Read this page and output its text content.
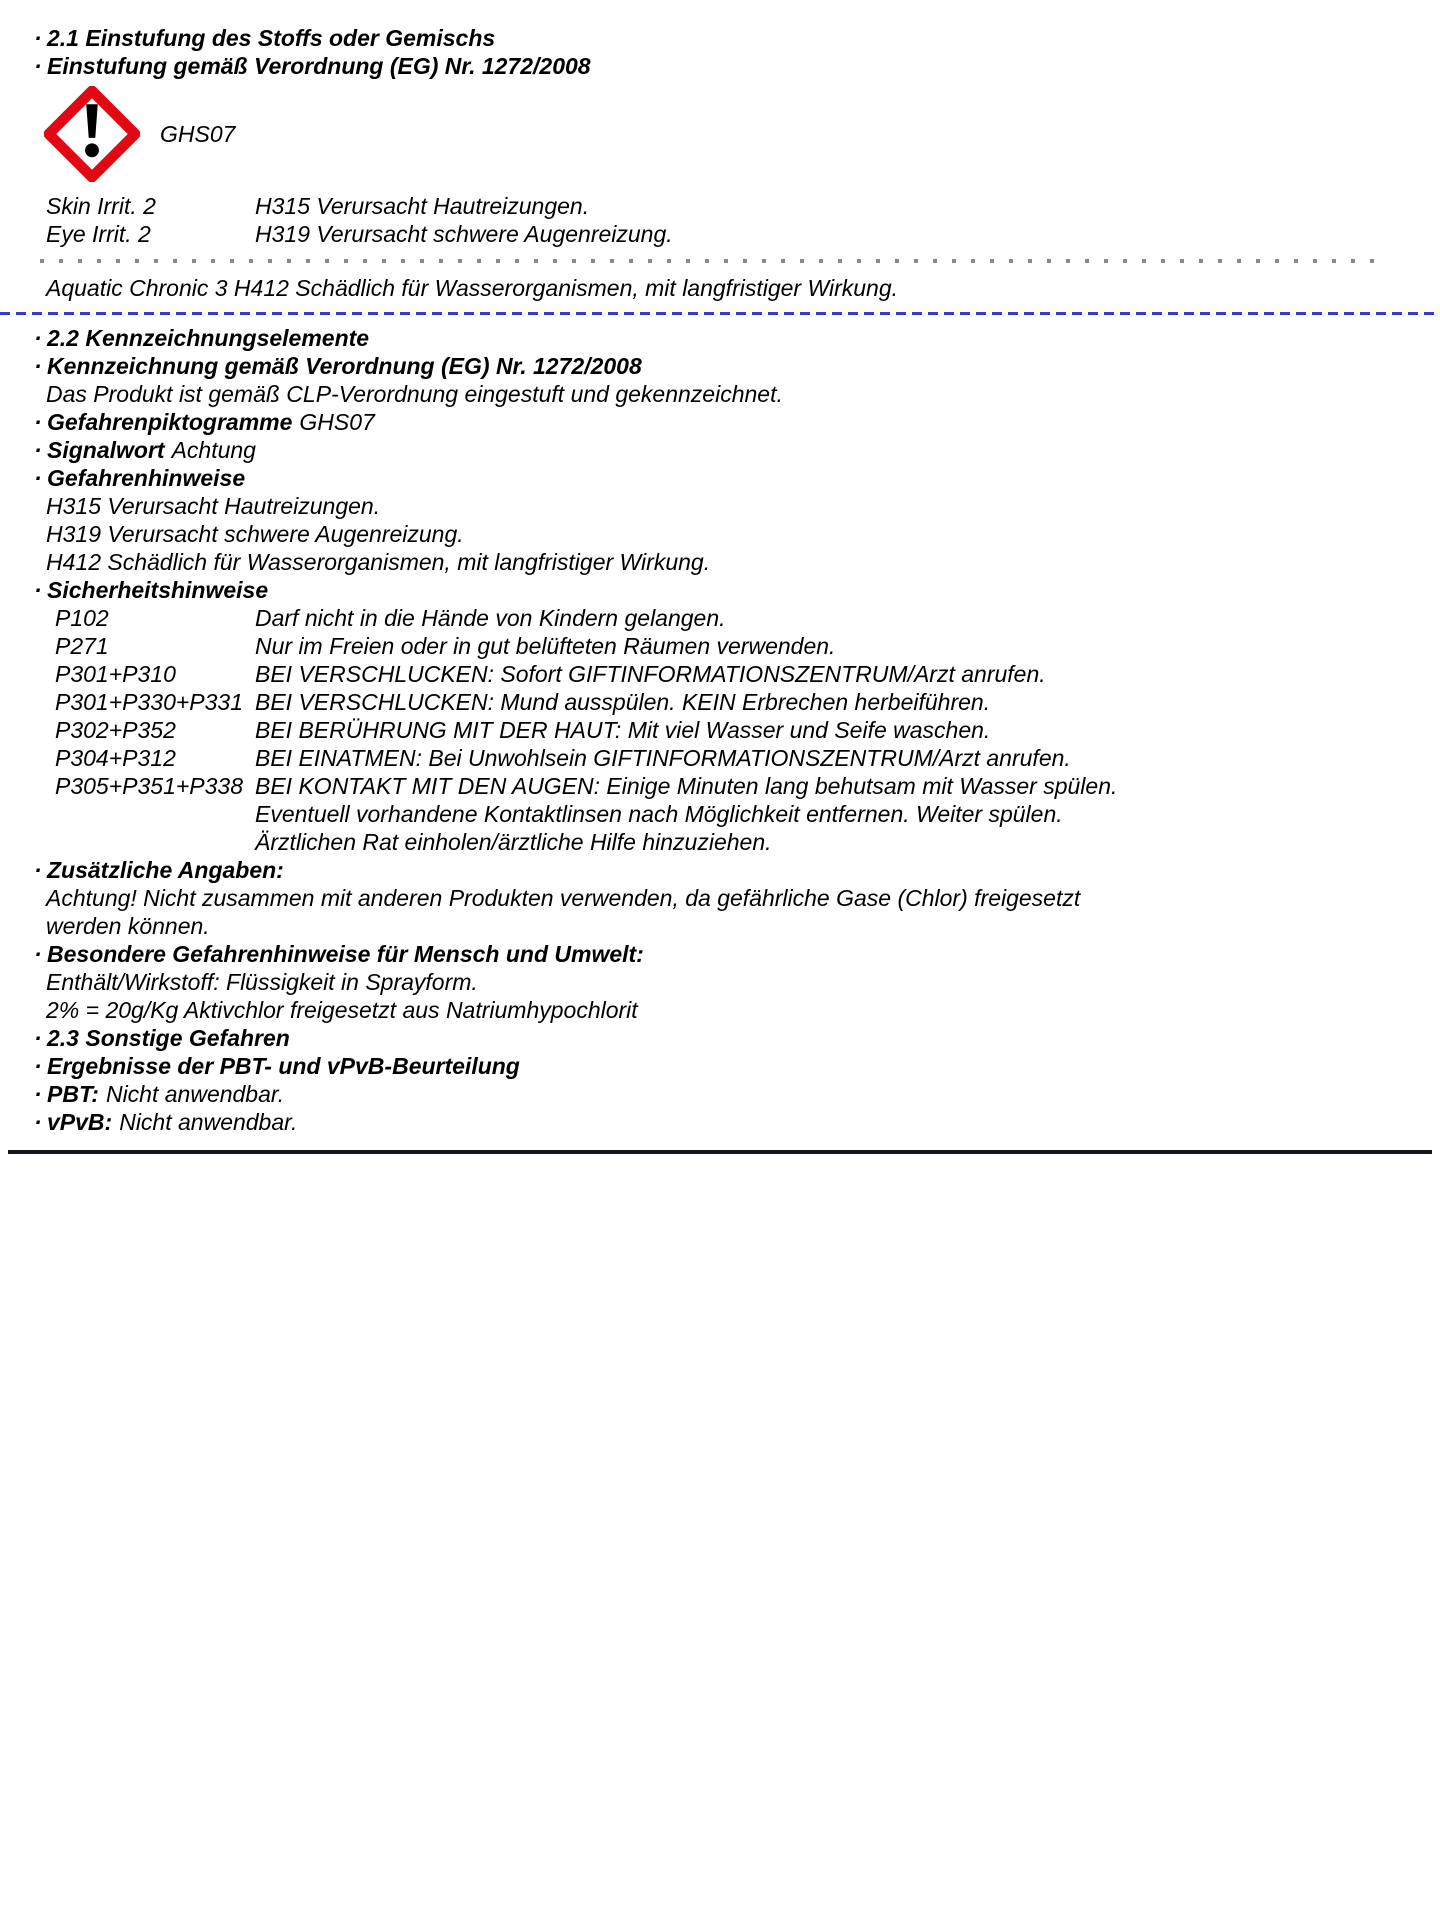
· 2.1 Einstufung des Stoffs oder Gemischs
· Einstufung gemäß Verordnung (EG) Nr. 1272/2008
GHS07
Skin Irrit. 2	H315 Verursacht Hautreizungen.
Eye Irrit. 2	H319 Verursacht schwere Augenreizung.
Aquatic Chronic 3 H412 Schädlich für Wasserorganismen, mit langfristiger Wirkung.
· 2.2 Kennzeichnungselemente
· Kennzeichnung gemäß Verordnung (EG) Nr. 1272/2008
Das Produkt ist gemäß CLP-Verordnung eingestuft und gekennzeichnet.
· Gefahrenpiktogramme GHS07
· Signalwort Achtung
· Gefahrenhinweise
H315 Verursacht Hautreizungen.
H319 Verursacht schwere Augenreizung.
H412 Schädlich für Wasserorganismen, mit langfristiger Wirkung.
· Sicherheitshinweise
P102	Darf nicht in die Hände von Kindern gelangen.
P271	Nur im Freien oder in gut belüfteten Räumen verwenden.
P301+P310	BEI VERSCHLUCKEN: Sofort GIFTINFORMATIONSZENTRUM/Arzt anrufen.
P301+P330+P331 BEI VERSCHLUCKEN: Mund ausspülen. KEIN Erbrechen herbeiführen.
P302+P352	BEI BERÜHRUNG MIT DER HAUT: Mit viel Wasser und Seife waschen.
P304+P312	BEI EINATMEN: Bei Unwohlsein GIFTINFORMATIONSZENTRUM/Arzt anrufen.
P305+P351+P338 BEI KONTAKT MIT DEN AUGEN: Einige Minuten lang behutsam mit Wasser spülen. Eventuell vorhandene Kontaktlinsen nach Möglichkeit entfernen. Weiter spülen. Ärztlichen Rat einholen/ärztliche Hilfe hinzuziehen.
· Zusätzliche Angaben:
Achtung! Nicht zusammen mit anderen Produkten verwenden, da gefährliche Gase (Chlor) freigesetzt werden können.
· Besondere Gefahrenhinweise für Mensch und Umwelt:
Enthält/Wirkstoff: Flüssigkeit in Sprayform.
2% = 20g/Kg Aktivchlor freigesetzt aus Natriumhypochlorit
· 2.3 Sonstige Gefahren
· Ergebnisse der PBT- und vPvB-Beurteilung
· PBT: Nicht anwendbar.
· vPvB: Nicht anwendbar.
